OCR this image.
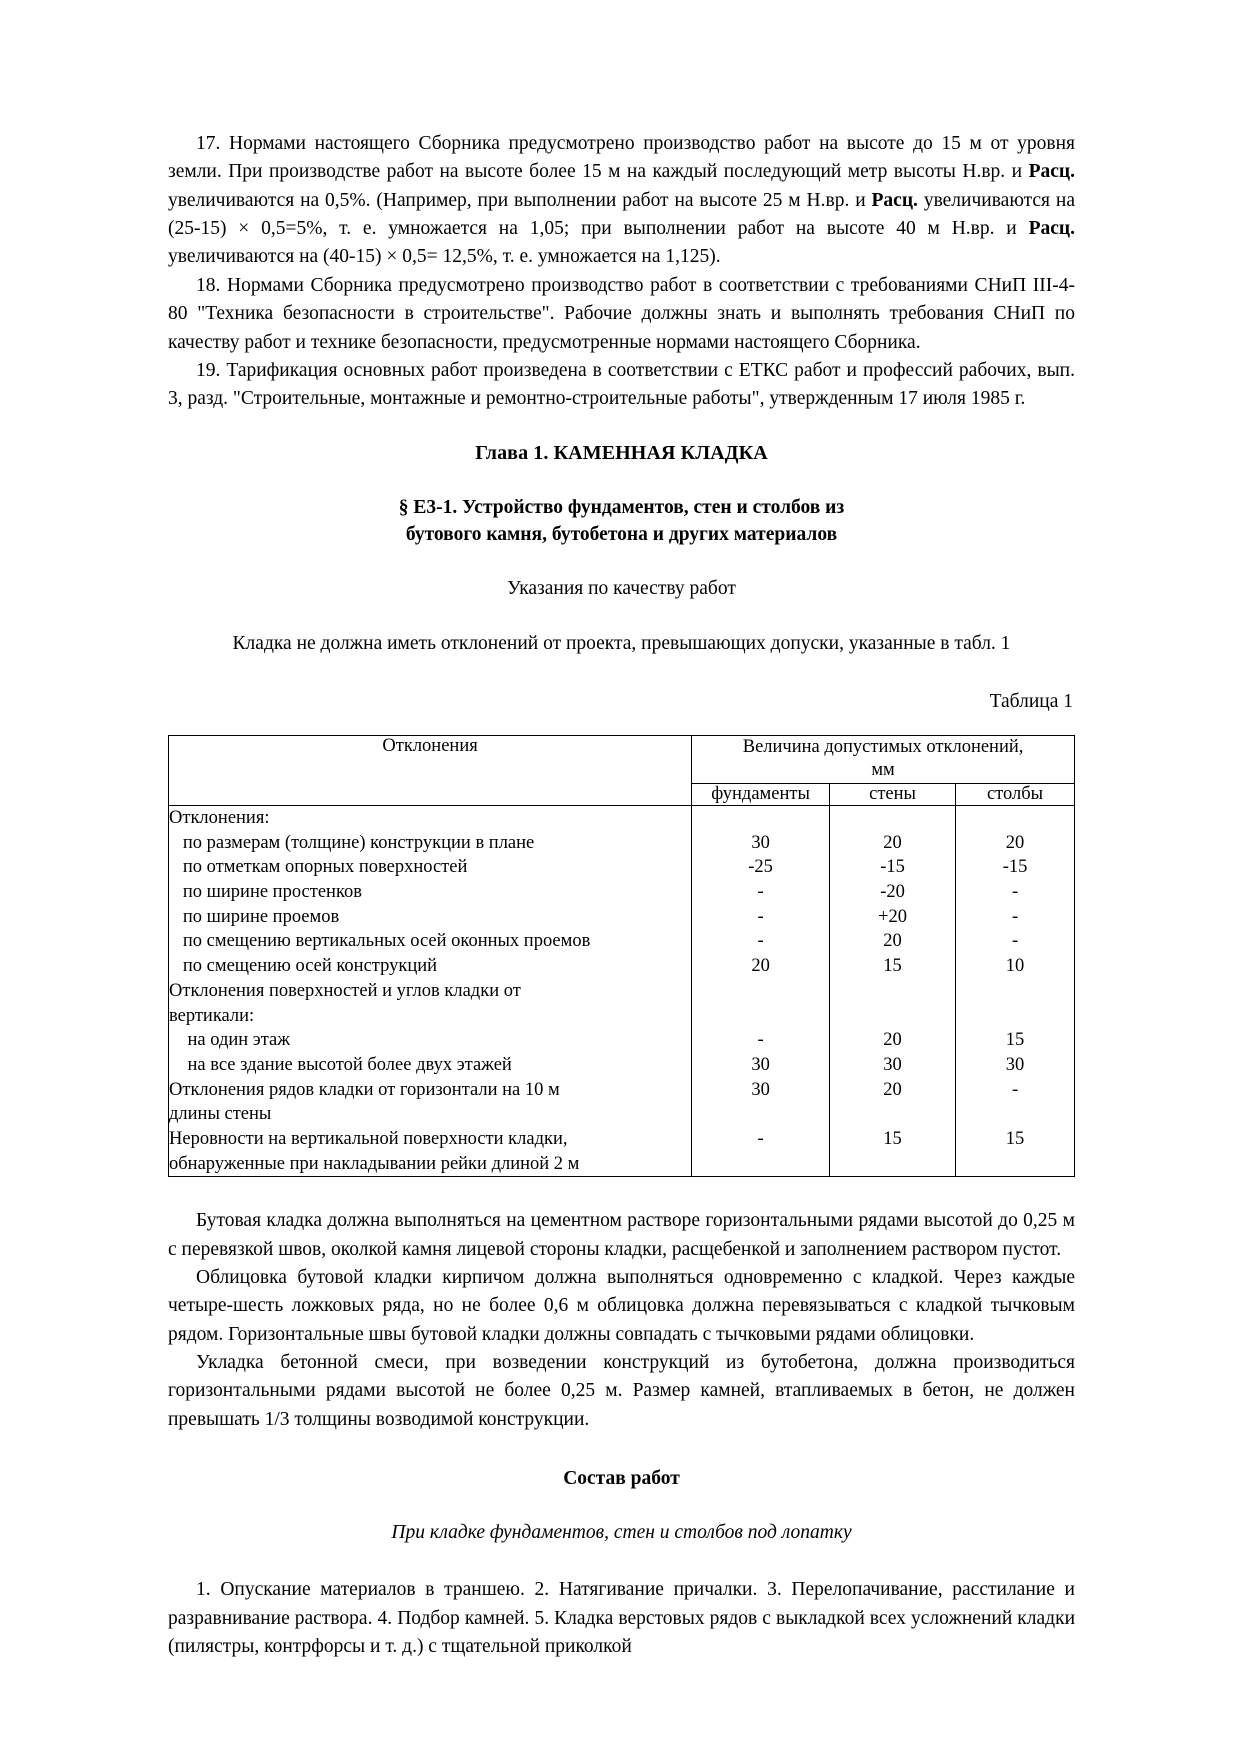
17. Нормами настоящего Сборника предусмотрено производство работ на высоте до 15 м от уровня земли. При производстве работ на высоте более 15 м на каждый последующий метр высоты Н.вр. и Расц. увеличиваются на 0,5%. (Например, при выполнении работ на высоте 25 м Н.вр. и Расц. увеличиваются на (25-15) × 0,5=5%, т. е. умножается на 1,05; при выполнении работ на высоте 40 м Н.вр. и Расц. увеличиваются на (40-15) × 0,5= 12,5%, т. е. умножается на 1,125).

18. Нормами Сборника предусмотрено производство работ в соответствии с требованиями СНиП III-4-80 "Техника безопасности в строительстве". Рабочие должны знать и выполнять требования СНиП по качеству работ и технике безопасности, предусмотренные нормами настоящего Сборника.

19. Тарификация основных работ произведена в соответствии с ЕТКС работ и профессий рабочих, вып. 3, разд. "Строительные, монтажные и ремонтно-строительные работы", утвержденным 17 июля 1985 г.

Глава 1. КАМЕННАЯ КЛАДКА
§ Е3-1. Устройство фундаментов, стен и столбов из
бутового камня, бутобетона и других материалов

Указания по качеству работ

Кладка не должна иметь отклонений от проекта, превышающих допуски, указанные в табл. 1

Таблица 1
Отклонения	Величина допустимых отклонений,
мм		
	фундаменты	стены	столбы
Отклонения:			
по размерам (толщине) конструкции в плане	30	20	20
по отметкам опорных поверхностей	-25	-15	-15
по ширине простенков	-	-20	-
по ширине проемов	-	+20	-
по смещению вертикальных осей оконных проемов	-	20	-
по смещению осей конструкций	20	15	10
Отклонения поверхностей и углов кладки от			
вертикали:			
на один этаж	-	20	15
на все здание высотой более двух этажей	30	30	30
Отклонения рядов кладки от горизонтали на 10 м	30	20	-
длины стены			
Неровности на вертикальной поверхности кладки,	-	15	15
обнаруженные при накладывании рейки длиной 2 м			

Бутовая кладка должна выполняться на цементном растворе горизонтальными рядами высотой до 0,25 м с перевязкой швов, околкой камня лицевой стороны кладки, расщебенкой и заполнением раствором пустот.

Облицовка бутовой кладки кирпичом должна выполняться одновременно с кладкой. Через каждые четыре-шесть ложковых ряда, но не более 0,6 м облицовка должна перевязываться с кладкой тычковым рядом. Горизонтальные швы бутовой кладки должны совпадать с тычковыми рядами облицовки.

Укладка бетонной смеси, при возведении конструкций из бутобетона, должна производиться горизонтальными рядами высотой не более 0,25 м. Размер камней, втапливаемых в бетон, не должен превышать 1/3 толщины возводимой конструкции.

Состав работ

При кладке фундаментов, стен и столбов под лопатку

1. Опускание материалов в траншею. 2. Натягивание причалки. 3. Перелопачивание, расстилание и разравнивание раствора. 4. Подбор камней. 5. Кладка верстовых рядов с выкладкой всех усложнений кладки (пилястры, контрфорсы и т. д.) с тщательной приколкой
